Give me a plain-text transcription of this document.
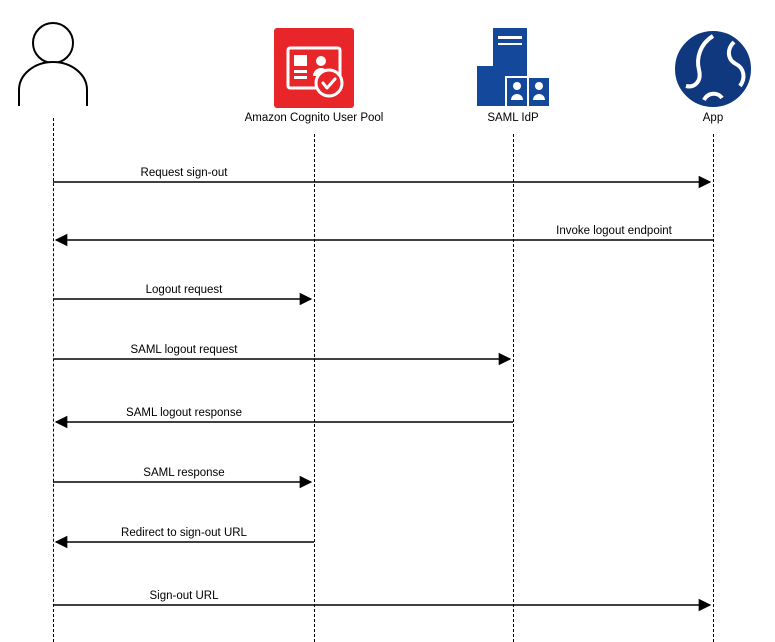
Amazon Cognito User Pool	SAML IdP	App
Request sign-out
Invoke logout endpoint
Logout request
SAML logout request
SAML logout response
SAML response
Redirect to sign-out URL
Sign-out URL
